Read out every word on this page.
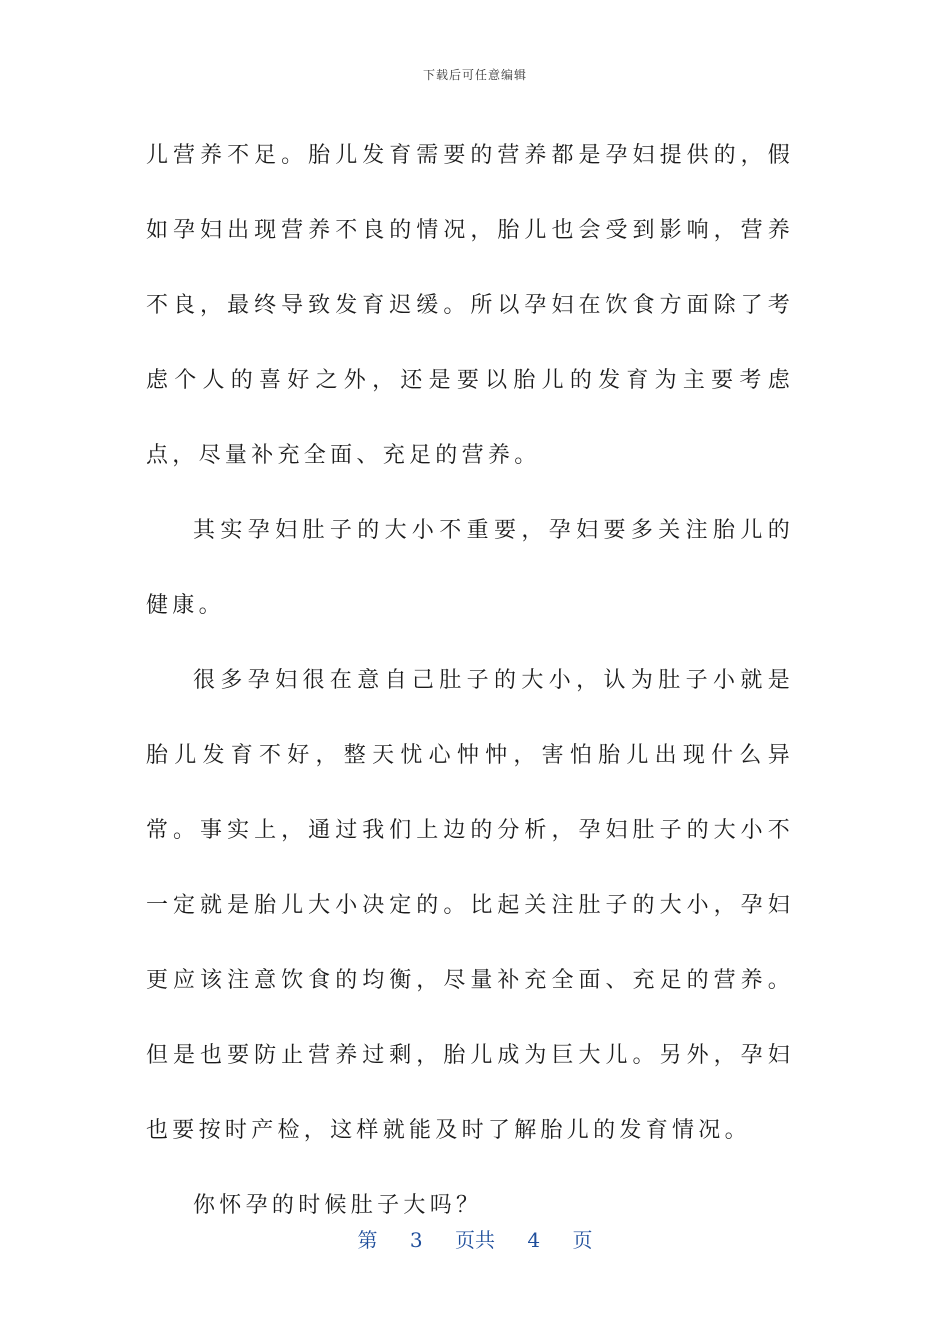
下载后可任意编辑

儿营养不足。胎儿发育需要的营养都是孕妇提供的，假如孕妇出现营养不良的情况，胎儿也会受到影响，营养不良，最终导致发育迟缓。所以孕妇在饮食方面除了考虑个人的喜好之外，还是要以胎儿的发育为主要考虑点，尽量补充全面、充足的营养。

其实孕妇肚子的大小不重要，孕妇要多关注胎儿的健康。

很多孕妇很在意自己肚子的大小，认为肚子小就是胎儿发育不好，整天忧心忡忡，害怕胎儿出现什么异常。事实上，通过我们上边的分析，孕妇肚子的大小不一定就是胎儿大小决定的。比起关注肚子的大小，孕妇更应该注意饮食的均衡，尽量补充全面、充足的营养。但是也要防止营养过剩，胎儿成为巨大儿。另外，孕妇也要按时产检，这样就能及时了解胎儿的发育情况。

你怀孕的时候肚子大吗？

第 3 页共 4 页
